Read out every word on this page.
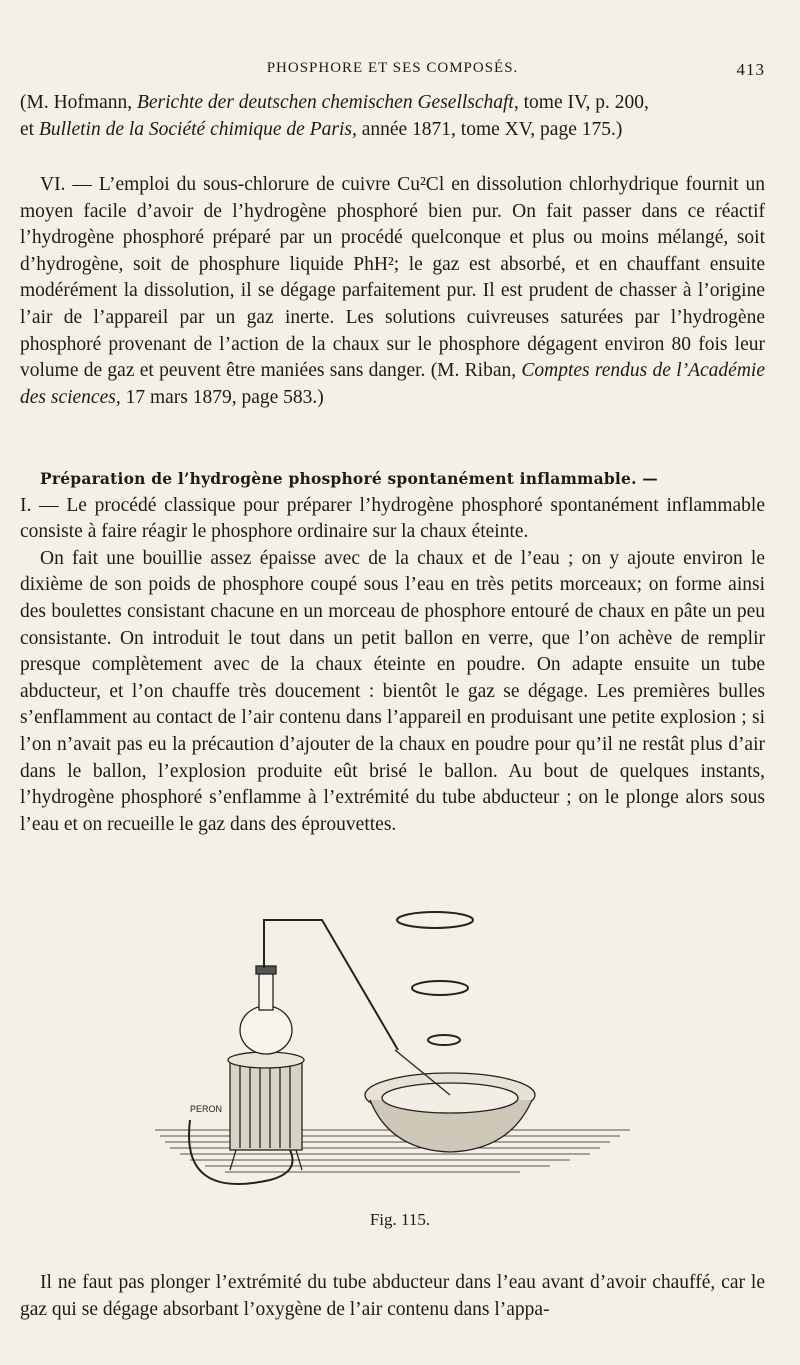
PHOSPHORE ET SES COMPOSÉS.	413
(M. Hofmann, Berichte der deutschen chemischen Gesellschaft, tome IV, p. 200,
et Bulletin de la Société chimique de Paris, année 1871, tome XV, page 175.)
VI. — L’emploi du sous-chlorure de cuivre Cu²Cl en dissolution chlorhydrique fournit un moyen facile d’avoir de l’hydrogène phosphoré bien pur. On fait passer dans ce réactif l’hydrogène phosphoré préparé par un procédé quelconque et plus ou moins mélangé, soit d’hydrogène, soit de phosphure liquide PhH²; le gaz est absorbé, et en chauffant ensuite modérément la dissolution, il se dégage parfaitement pur. Il est prudent de chasser à l’origine l’air de l’appareil par un gaz inerte. Les solutions cuivreuses saturées par l’hydrogène phosphoré provenant de l’action de la chaux sur le phosphore dégagent environ 80 fois leur volume de gaz et peuvent être maniées sans danger. (M. Riban, Comptes rendus de l’Académie des sciences, 17 mars 1879, page 583.)
Préparation de l’hydrogène phosphoré spontanément inflammable. —
I. — Le procédé classique pour préparer l’hydrogène phosphoré spontanément inflammable consiste à faire réagir le phosphore ordinaire sur la chaux éteinte.
On fait une bouillie assez épaisse avec de la chaux et de l’eau ; on y ajoute environ le dixième de son poids de phosphore coupé sous l’eau en très petits morceaux; on forme ainsi des boulettes consistant chacune en un morceau de phosphore entouré de chaux en pâte un peu consistante. On introduit le tout dans un petit ballon en verre, que l’on achève de remplir presque complètement avec de la chaux éteinte en poudre. On adapte ensuite un tube abducteur, et l’on chauffe très doucement : bientôt le gaz se dégage. Les premières bulles s’enflamment au contact de l’air contenu dans l’appareil en produisant une petite explosion ; si l’on n’avait pas eu la précaution d’ajouter de la chaux en poudre pour qu’il ne restât plus d’air dans le ballon, l’explosion produite eût brisé le ballon. Au bout de quelques instants, l’hydrogène phosphoré s’enflamme à l’extrémité du tube abducteur ; on le plonge alors sous l’eau et on recueille le gaz dans des éprouvettes.
PERON
Fig. 115.
Il ne faut pas plonger l’extrémité du tube abducteur dans l’eau avant d’avoir chauffé, car le gaz qui se dégage absorbant l’oxygène de l’air contenu dans l’appa-
